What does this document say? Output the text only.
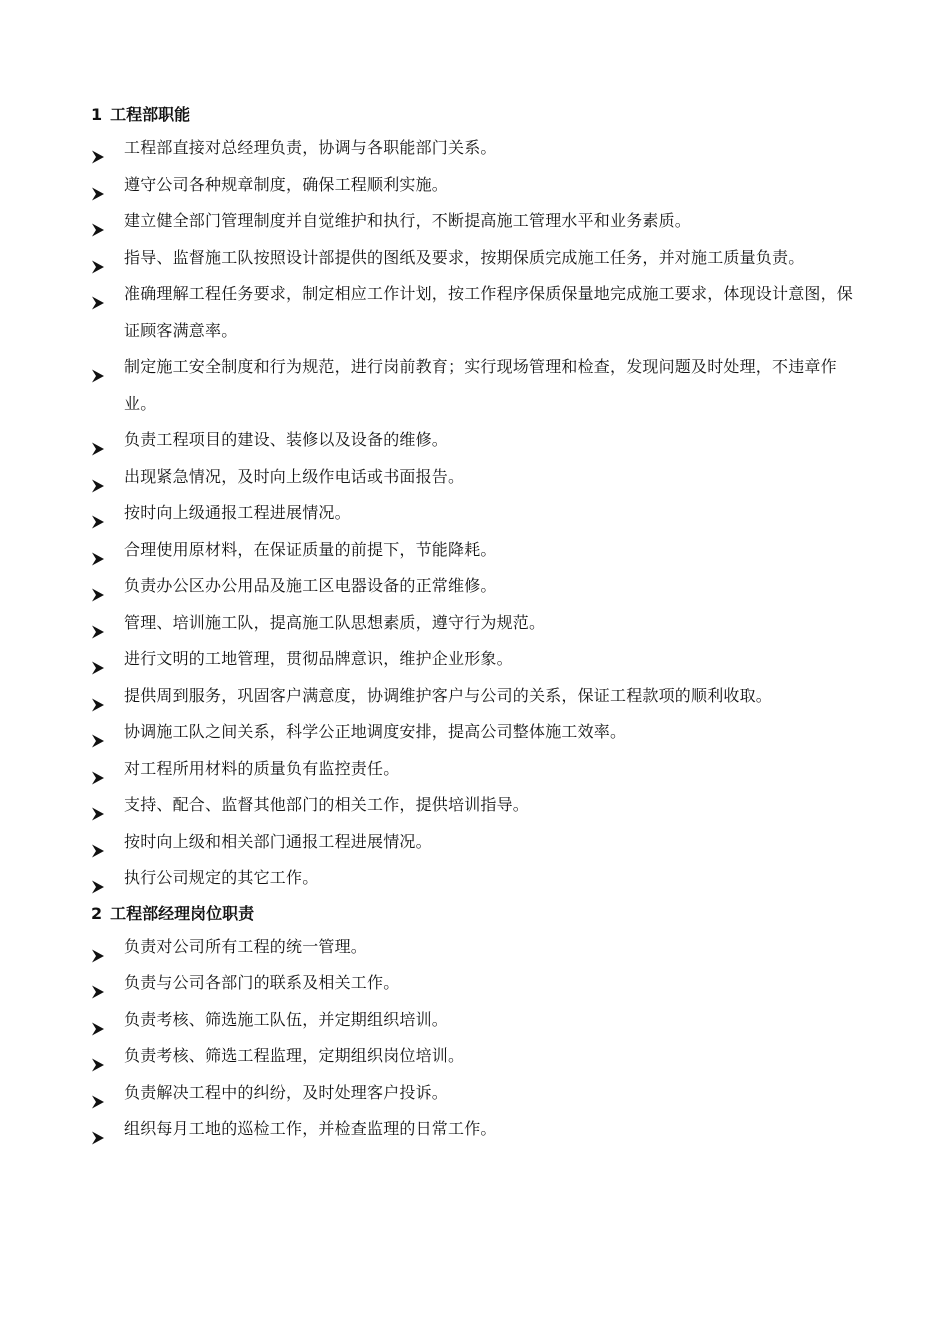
1 工程部职能
工程部直接对总经理负责，协调与各职能部门关系。
遵守公司各种规章制度，确保工程顺利实施。
建立健全部门管理制度并自觉维护和执行，不断提高施工管理水平和业务素质。
指导、监督施工队按照设计部提供的图纸及要求，按期保质完成施工任务，并对施工质量负责。
准确理解工程任务要求，制定相应工作计划，按工作程序保质保量地完成施工要求，体现设计意图，保证顾客满意率。
制定施工安全制度和行为规范，进行岗前教育；实行现场管理和检查，发现问题及时处理，不违章作业。
负责工程项目的建设、装修以及设备的维修。
出现紧急情况，及时向上级作电话或书面报告。
按时向上级通报工程进展情况。
合理使用原材料，在保证质量的前提下，节能降耗。
负责办公区办公用品及施工区电器设备的正常维修。
管理、培训施工队，提高施工队思想素质，遵守行为规范。
进行文明的工地管理，贯彻品牌意识，维护企业形象。
提供周到服务，巩固客户满意度，协调维护客户与公司的关系，保证工程款项的顺利收取。
协调施工队之间关系，科学公正地调度安排，提高公司整体施工效率。
对工程所用材料的质量负有监控责任。
支持、配合、监督其他部门的相关工作，提供培训指导。
按时向上级和相关部门通报工程进展情况。
执行公司规定的其它工作。
2 工程部经理岗位职责
负责对公司所有工程的统一管理。
负责与公司各部门的联系及相关工作。
负责考核、筛选施工队伍，并定期组织培训。
负责考核、筛选工程监理，定期组织岗位培训。
负责解决工程中的纠纷，及时处理客户投诉。
组织每月工地的巡检工作，并检查监理的日常工作。
